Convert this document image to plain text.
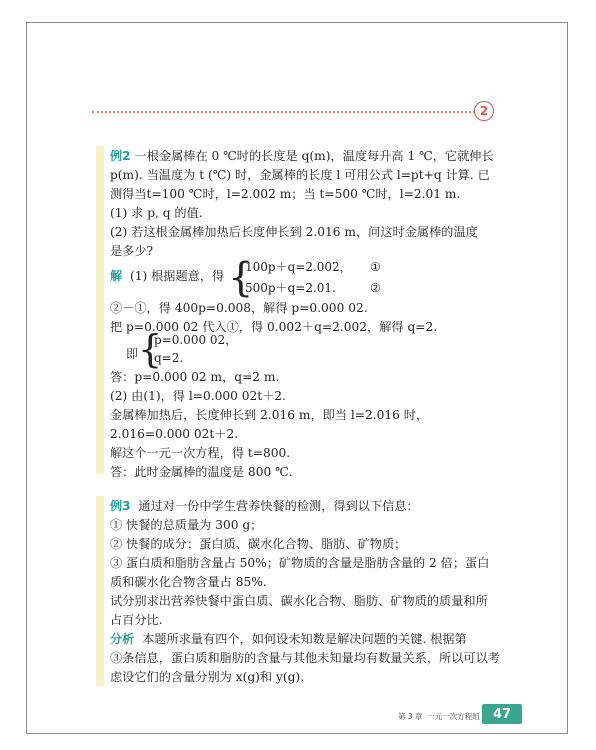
2
例2 一根金属棒在 0 ℃时的长度是 q(m)，温度每升高 1 ℃，它就伸长
p(m). 当温度为 t (℃) 时，金属棒的长度 l 可用公式 l=pt+q 计算. 已
测得当t=100 ℃时，l=2.002 m；当 t=500 ℃时，l=2.01 m.
(1) 求 p, q 的值.
(2) 若这根金属棒加热后长度伸长到 2.016 m，问这时金属棒的温度
是多少?
解 (1) 根据题意，得 {
100p＋q=2.002， ①
500p＋q=2.01.	②
②－①，得 400p=0.008，解得 p=0.000 02.
把 p=0.000 02 代入①，得 0.002＋q=2.002，解得 q=2.
即 {
p=0.000 02，
q=2.
答：p=0.000 02 m，q=2 m.
(2) 由(1)，得 l=0.000 02t＋2.
金属棒加热后，长度伸长到 2.016 m，即当 l=2.016 时，
2.016=0.000 02t＋2.
解这个一元一次方程，得 t=800.
答：此时金属棒的温度是 800 ℃.
例3 通过对一份中学生营养快餐的检测，得到以下信息：
① 快餐的总质量为 300 g；
② 快餐的成分：蛋白质、碳水化合物、脂肪、矿物质；
③ 蛋白质和脂肪含量占 50%；矿物质的含量是脂肪含量的 2 倍；蛋白
质和碳水化合物含量占 85%.
试分别求出营养快餐中蛋白质、碳水化合物、脂肪、矿物质的质量和所
占百分比.
分析 本题所求量有四个，如何设未知数是解决问题的关键. 根据第
③条信息，蛋白质和脂肪的含量与其他未知量均有数量关系，所以可以考
虑设它们的含量分别为 x(g)和 y(g).
第 3 章  一元一次方程组	47
